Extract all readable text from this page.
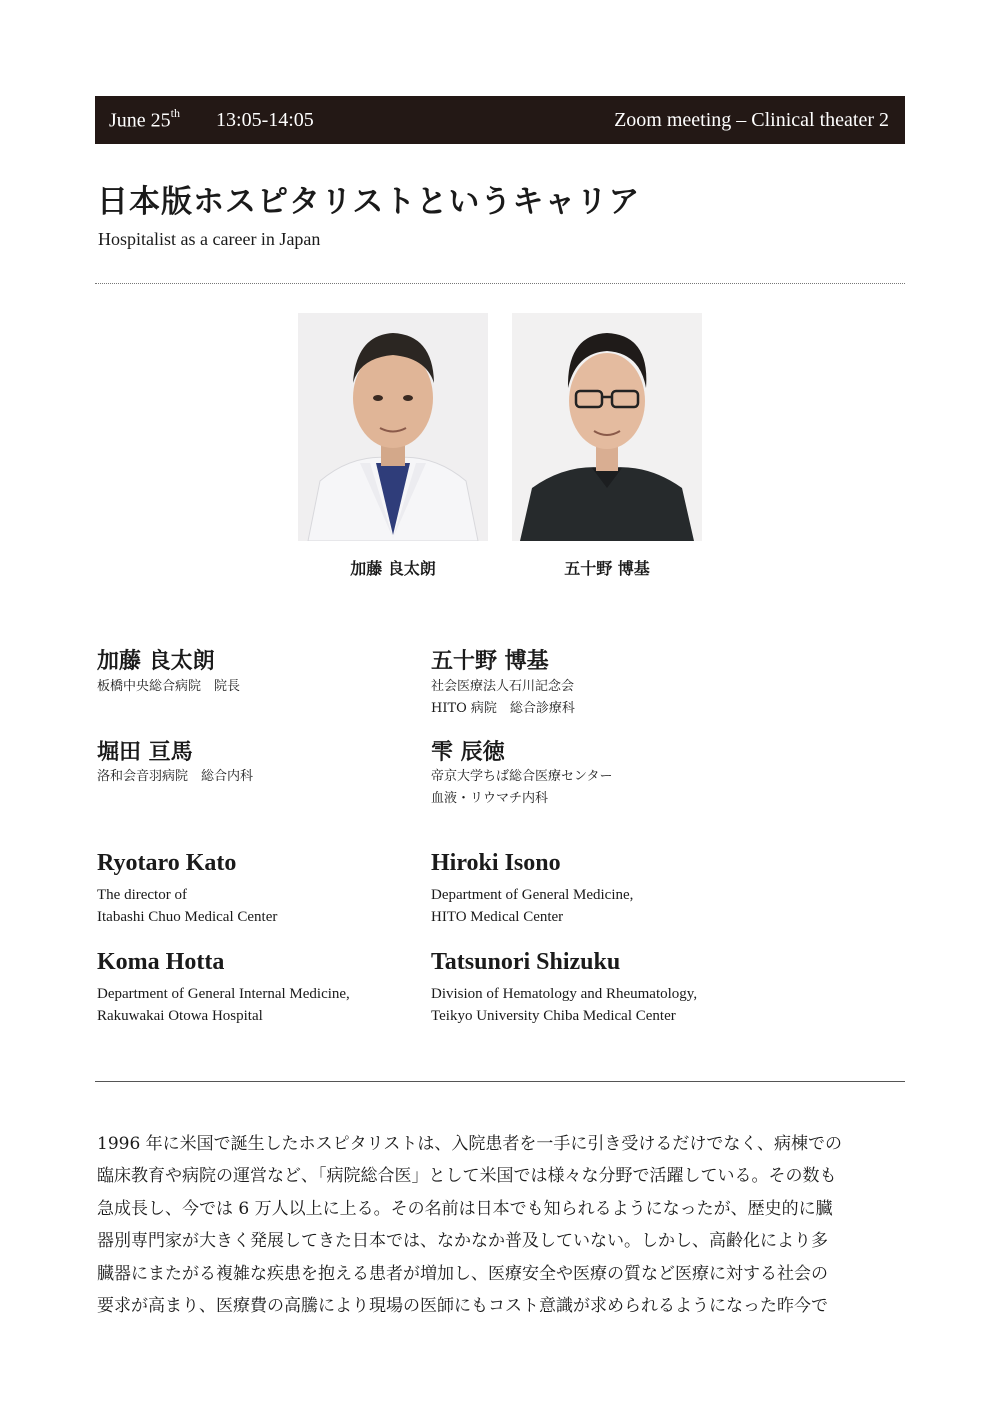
June 25th 13:05-14:05	Zoom meeting – Clinical theater 2
日本版ホスピタリストというキャリア

Hospitalist as a career in Japan

加藤 良太朗	五十野 博基

加藤 良太朗

板橋中央総合病院　院長

五十野 博基

社会医療法人石川記念会

HITO 病院　総合診療科

堀田 亘馬

洛和会音羽病院　総合内科

雫 辰徳

帝京大学ちば総合医療センター

血液・リウマチ内科

Ryotaro Kato

The director of

Itabashi Chuo Medical Center

Hiroki Isono

Department of General Medicine,

HITO Medical Center

Koma Hotta

Department of General Internal Medicine,

Rakuwakai Otowa Hospital

Tatsunori Shizuku

Division of Hematology and Rheumatology,

Teikyo University Chiba Medical Center

1996 年に米国で誕生したホスピタリストは、入院患者を一手に引き受けるだけでなく、病棟での
臨床教育や病院の運営など、「病院総合医」として米国では様々な分野で活躍している。その数も
急成長し、今では 6 万人以上に上る。その名前は日本でも知られるようになったが、歴史的に臓
器別専門家が大きく発展してきた日本では、なかなか普及していない。しかし、高齢化により多
臓器にまたがる複雑な疾患を抱える患者が増加し、医療安全や医療の質など医療に対する社会の
要求が高まり、医療費の高騰により現場の医師にもコスト意識が求められるようになった昨今で
